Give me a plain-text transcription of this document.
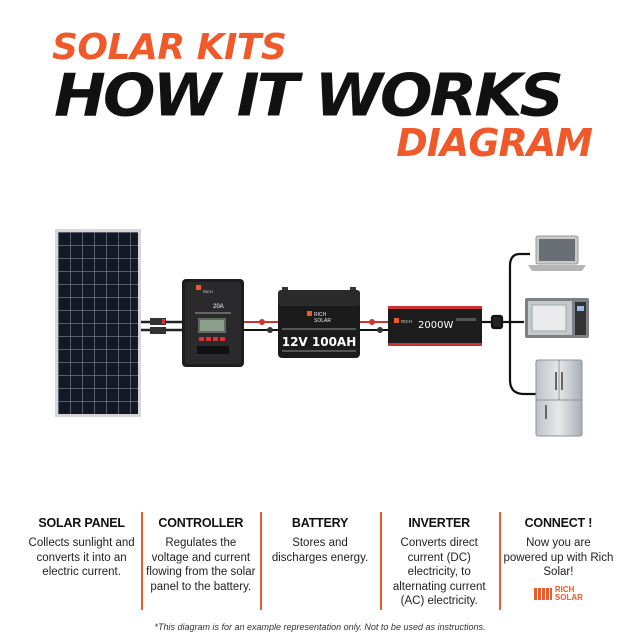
SOLAR KITS
HOW IT WORKS
DIAGRAM
RICH
20A
RICH
SOLAR
12V 100AH
RICH 2000W
SOLAR PANEL

Collects sunlight and converts it into an electric current.

CONTROLLER

Regulates the voltage and current flowing from the solar panel to the battery.

BATTERY

Stores and discharges energy.

INVERTER

Converts direct current (DC) electricity, to alternating current (AC) electricity.

CONNECT !

Now you are powered up with Rich Solar!

RICH
SOLAR
*This diagram is for an example representation only. Not to be used as instructions.
